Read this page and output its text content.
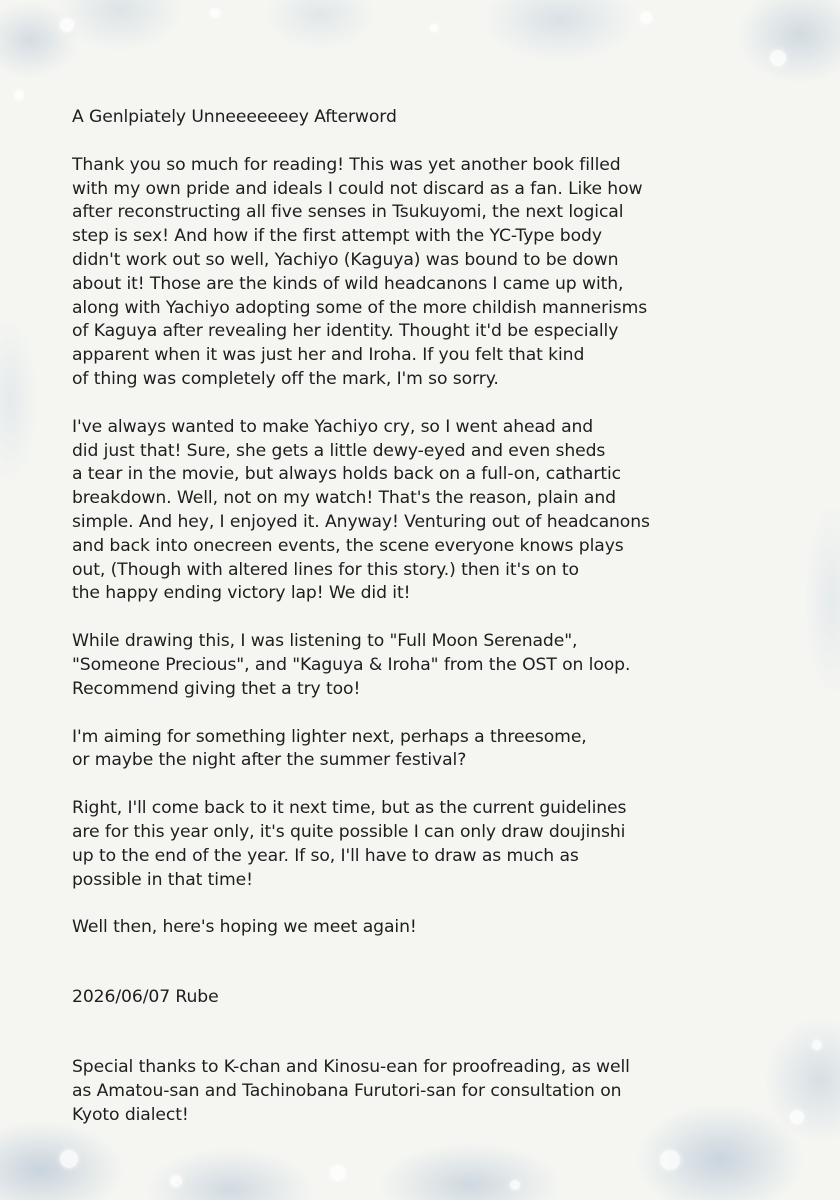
A Genlpiately Unneeeeeeey Afterword

Thank you so much for reading! This was yet another book filled
with my own pride and ideals I could not discard as a fan. Like how
after reconstructing all five senses in Tsukuyomi, the next logical
step is sex! And how if the first attempt with the YC-Type body
didn't work out so well, Yachiyo (Kaguya) was bound to be down
about it! Those are the kinds of wild headcanons I came up with,
along with Yachiyo adopting some of the more childish mannerisms
of Kaguya after revealing her identity. Thought it'd be especially
apparent when it was just her and Iroha. If you felt that kind
of thing was completely off the mark, I'm so sorry.

I've always wanted to make Yachiyo cry, so I went ahead and
did just that! Sure, she gets a little dewy-eyed and even sheds
a tear in the movie, but always holds back on a full-on, cathartic
breakdown. Well, not on my watch! That's the reason, plain and
simple. And hey, I enjoyed it. Anyway! Venturing out of headcanons
and back into onecreen events, the scene everyone knows plays
out, (Though with altered lines for this story.) then it's on to
the happy ending victory lap! We did it!

While drawing this, I was listening to "Full Moon Serenade",
"Someone Precious", and "Kaguya & Iroha" from the OST on loop.
Recommend giving thet a try too!

I'm aiming for something lighter next, perhaps a threesome,
or maybe the night after the summer festival?

Right, I'll come back to it next time, but as the current guidelines
are for this year only, it's quite possible I can only draw doujinshi
up to the end of the year. If so, I'll have to draw as much as
possible in that time!

Well then, here's hoping we meet again!

2026/06/07 Rube

Special thanks to K-chan and Kinosu-ean for proofreading, as well
as Amatou-san and Tachinobana Furutori-san for consultation on
Kyoto dialect!
